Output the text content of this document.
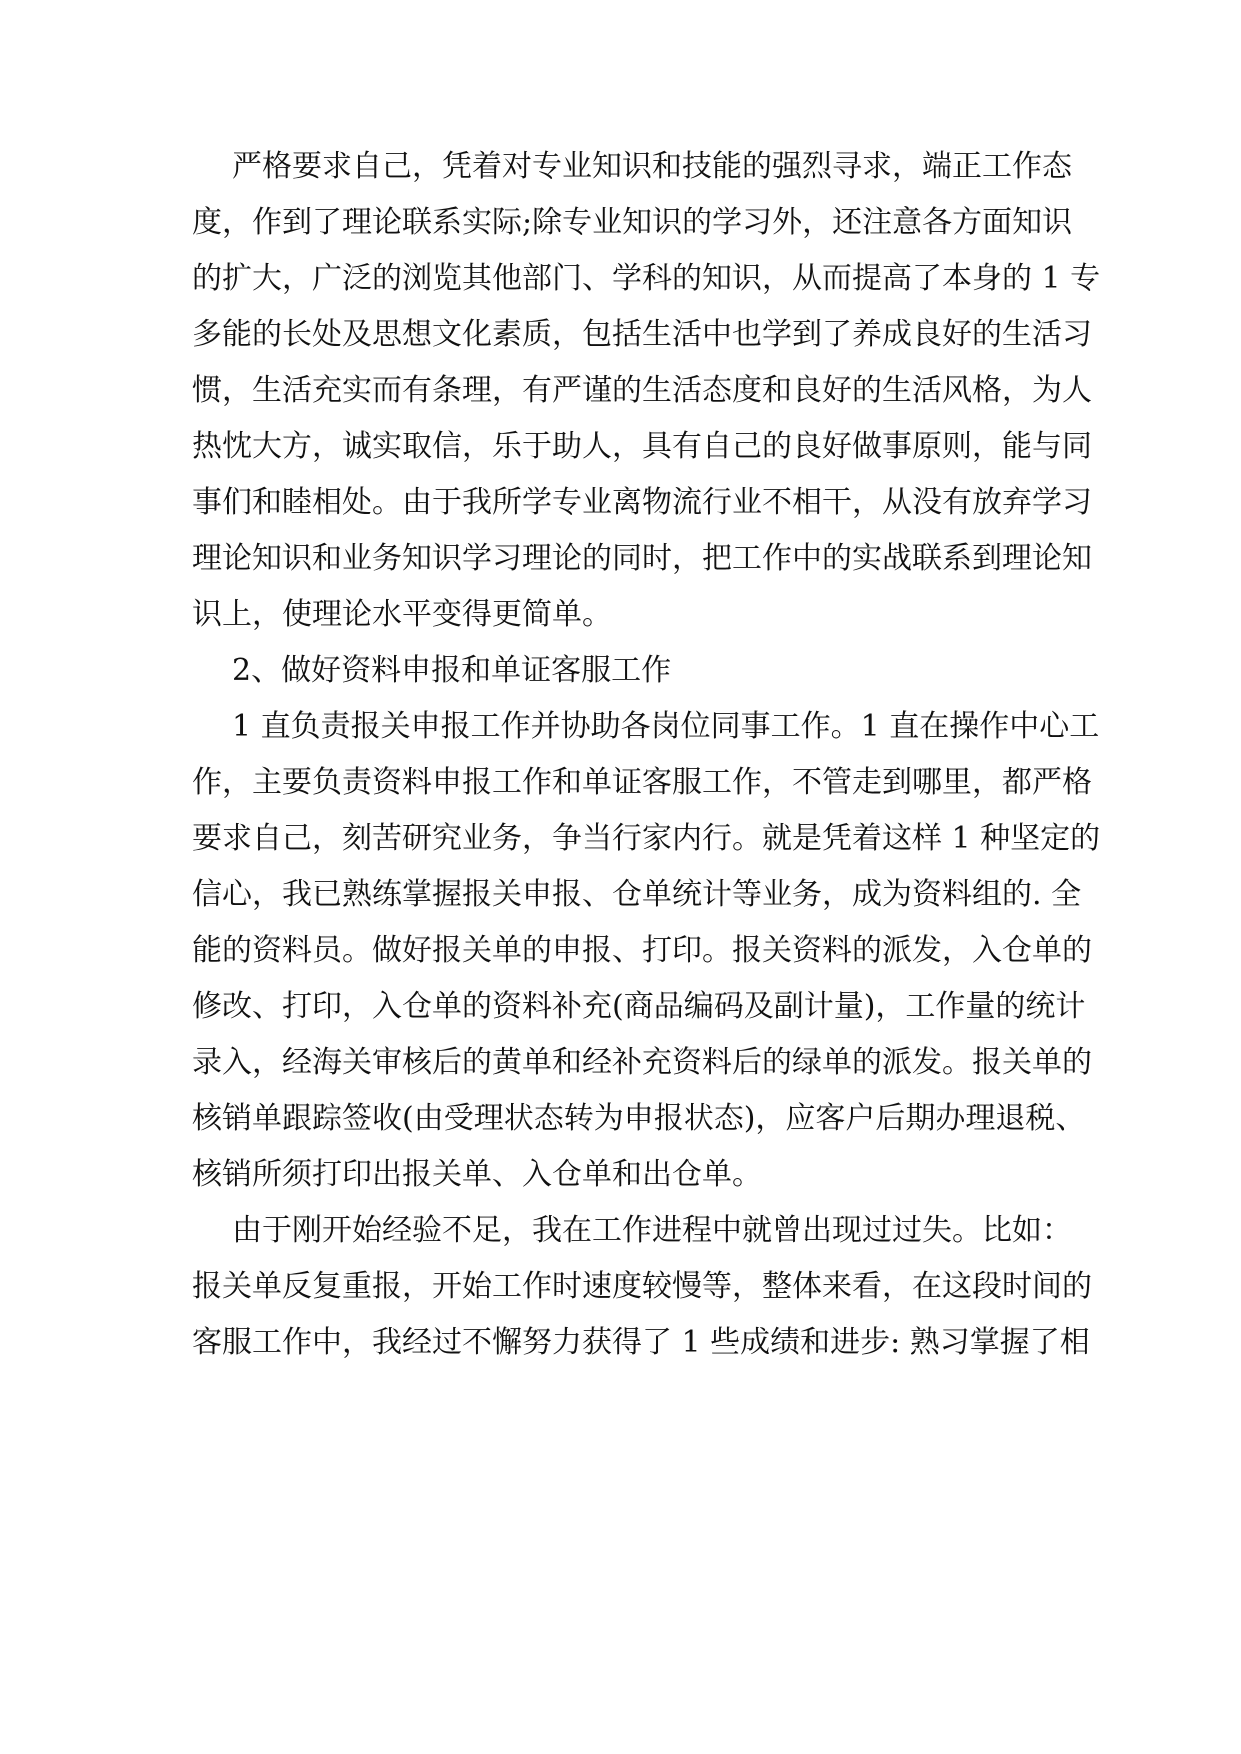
严格要求自己，凭着对专业知识和技能的强烈寻求，端正工作态
度，作到了理论联系实际;除专业知识的学习外，还注意各方面知识
的扩大，广泛的浏览其他部门、学科的知识，从而提高了本身的 1 专
多能的长处及思想文化素质，包括生活中也学到了养成良好的生活习
惯，生活充实而有条理，有严谨的生活态度和良好的生活风格，为人
热忱大方，诚实取信，乐于助人，具有自己的良好做事原则，能与同
事们和睦相处。由于我所学专业离物流行业不相干，从没有放弃学习
理论知识和业务知识学习理论的同时，把工作中的实战联系到理论知
识上，使理论水平变得更简单。
2、做好资料申报和单证客服工作
1 直负责报关申报工作并协助各岗位同事工作。1 直在操作中心工
作，主要负责资料申报工作和单证客服工作，不管走到哪里，都严格
要求自己，刻苦研究业务，争当行家内行。就是凭着这样 1 种坚定的
信心，我已熟练掌握报关申报、仓单统计等业务，成为资料组的. 全
能的资料员。做好报关单的申报、打印。报关资料的派发，入仓单的
修改、打印，入仓单的资料补充(商品编码及副计量)，工作量的统计
录入，经海关审核后的黄单和经补充资料后的绿单的派发。报关单的
核销单跟踪签收(由受理状态转为申报状态)，应客户后期办理退税、
核销所须打印出报关单、入仓单和出仓单。
由于刚开始经验不足，我在工作进程中就曾出现过过失。比如：
报关单反复重报，开始工作时速度较慢等，整体来看，在这段时间的
客服工作中，我经过不懈努力获得了 1 些成绩和进步: 熟习掌握了相
